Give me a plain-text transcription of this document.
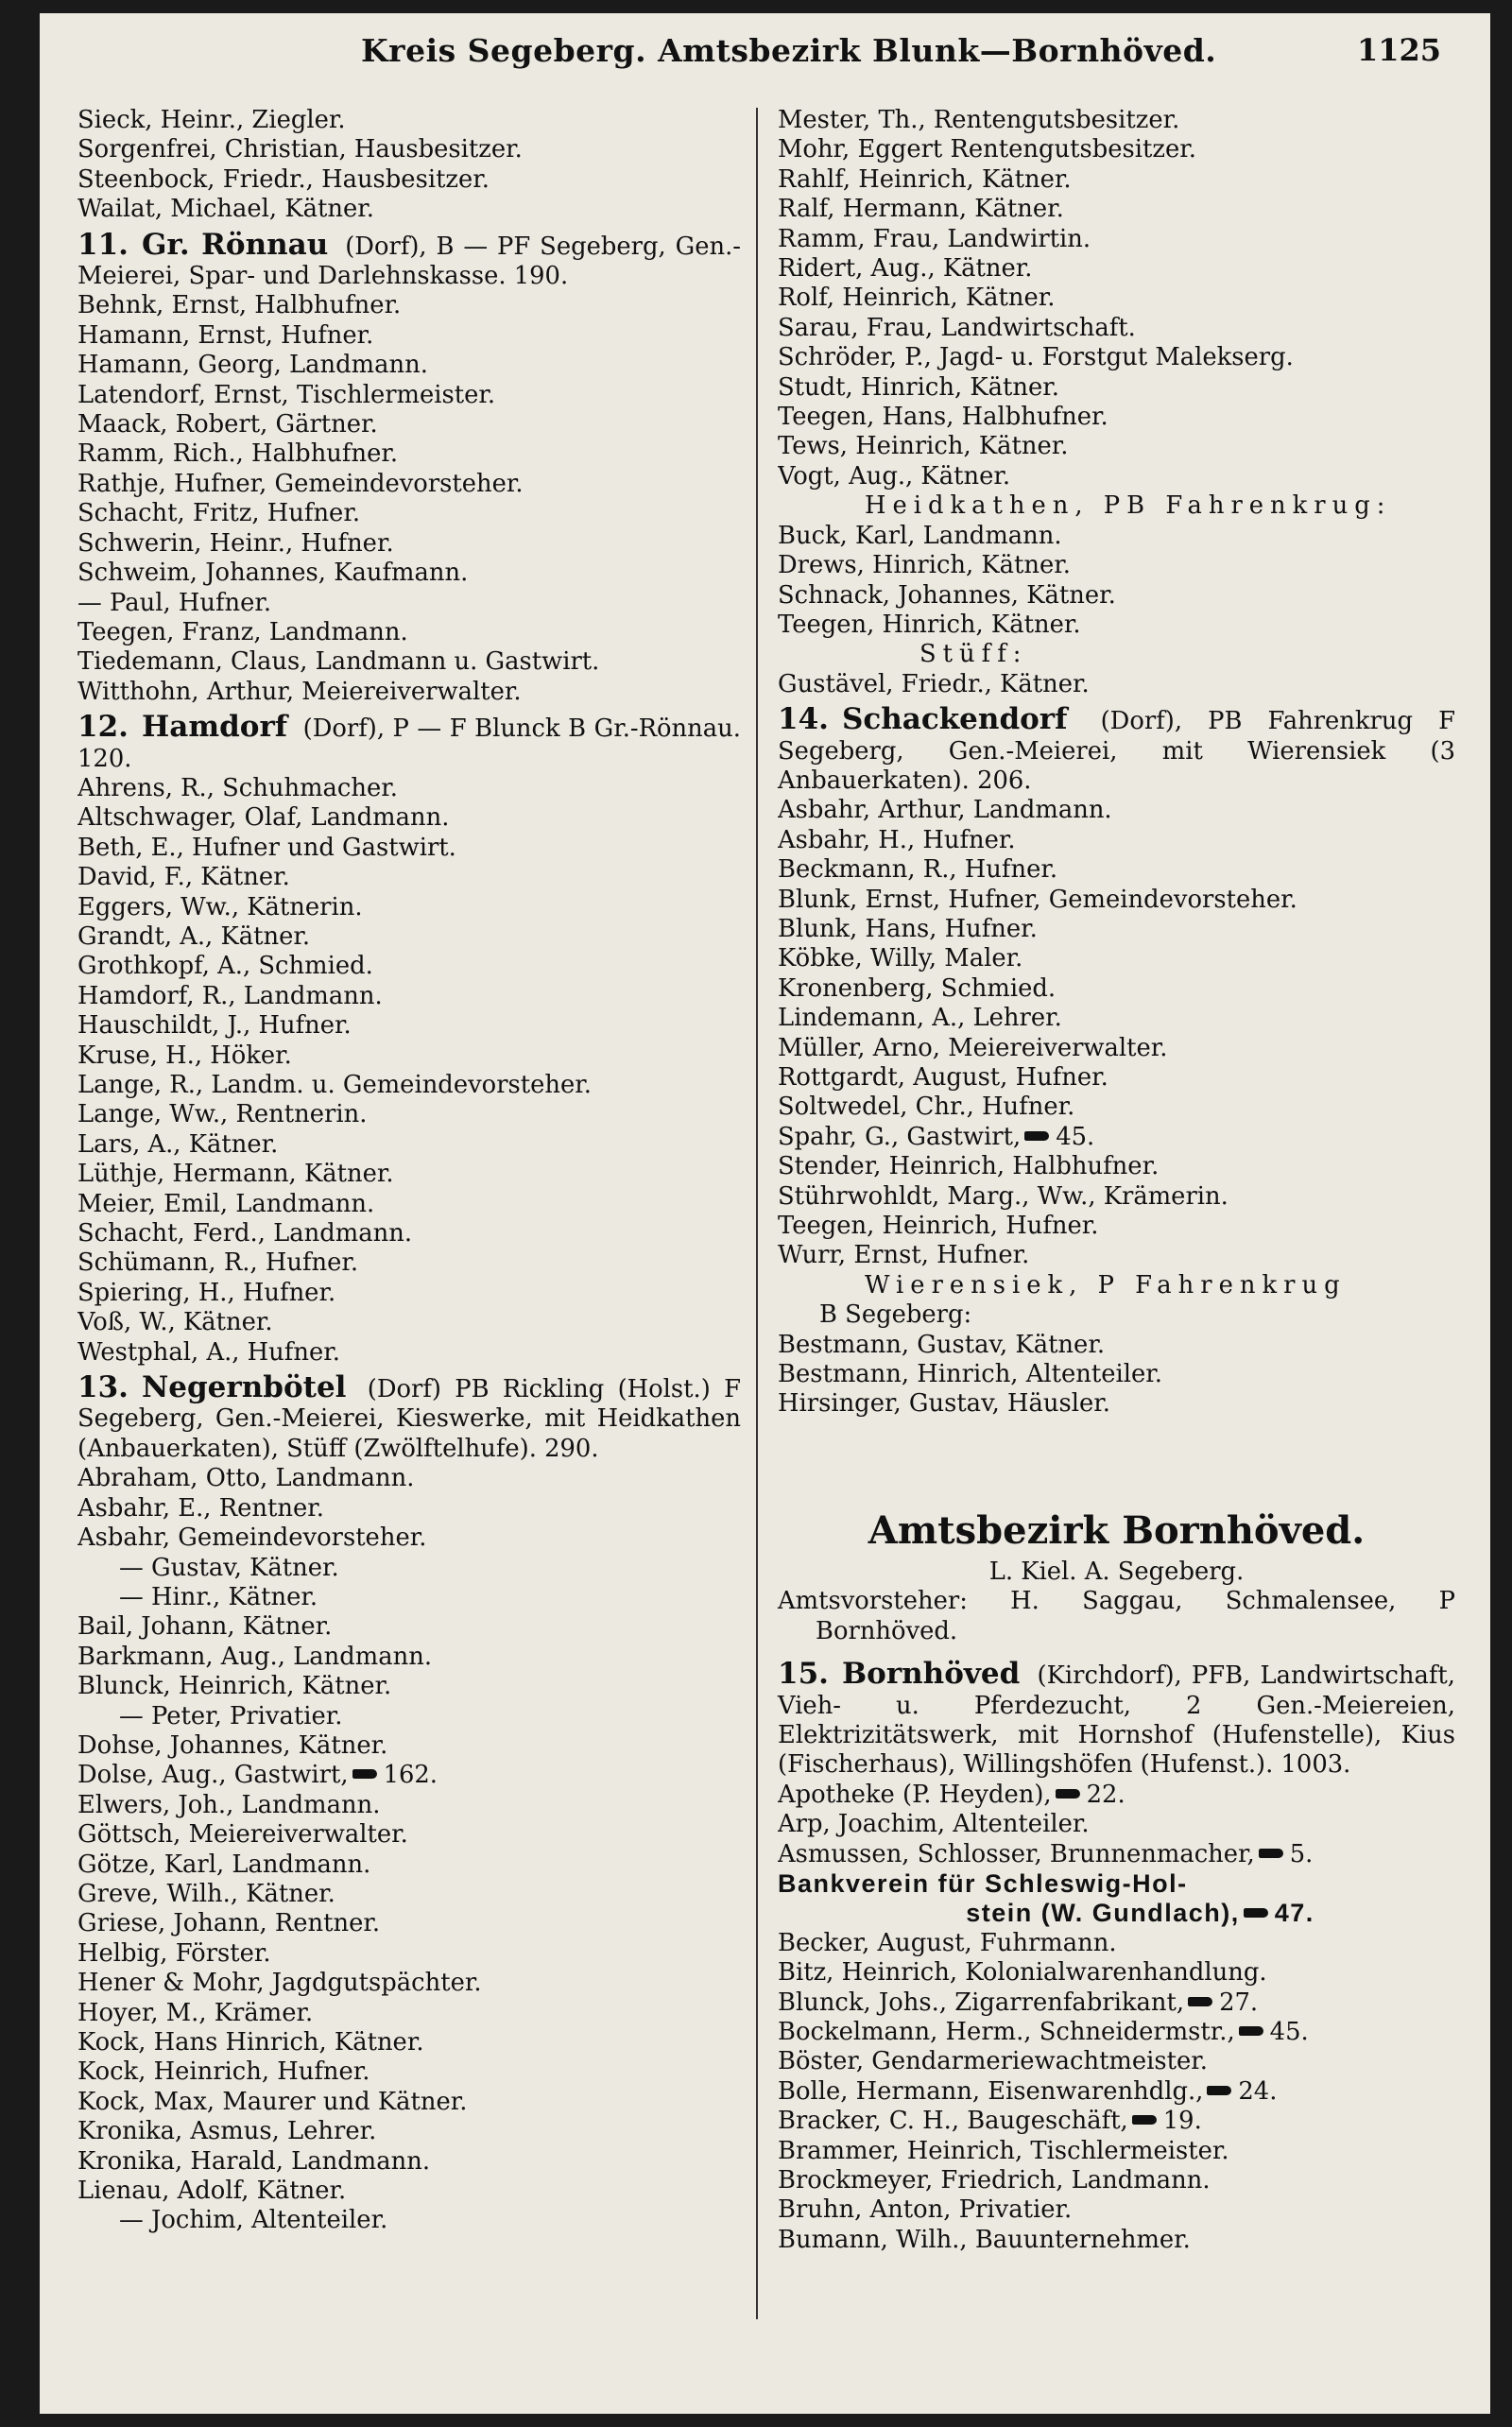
Kreis Segeberg. Amtsbezirk Blunk—Bornhöved.	1125
Sieck, Heinr., Ziegler.
Sorgenfrei, Christian, Hausbesitzer.
Steenbock, Friedr., Hausbesitzer.
Wailat, Michael, Kätner.
11. Gr. Rönnau (Dorf), B — PF Segeberg, Gen.-Meierei, Spar- und Darlehnskasse. 190.
Behnk, Ernst, Halbhufner.
Hamann, Ernst, Hufner.
Hamann, Georg, Landmann.
Latendorf, Ernst, Tischlermeister.
Maack, Robert, Gärtner.
Ramm, Rich., Halbhufner.
Rathje, Hufner, Gemeindevorsteher.
Schacht, Fritz, Hufner.
Schwerin, Heinr., Hufner.
Schweim, Johannes, Kaufmann.
— Paul, Hufner.
Teegen, Franz, Landmann.
Tiedemann, Claus, Landmann u. Gastwirt.
Witthohn, Arthur, Meiereiverwalter.
12. Hamdorf (Dorf), P — F Blunck B Gr.-Rönnau. 120.
Ahrens, R., Schuhmacher.
Altschwager, Olaf, Landmann.
Beth, E., Hufner und Gastwirt.
David, F., Kätner.
Eggers, Ww., Kätnerin.
Grandt, A., Kätner.
Grothkopf, A., Schmied.
Hamdorf, R., Landmann.
Hauschildt, J., Hufner.
Kruse, H., Höker.
Lange, R., Landm. u. Gemeindevorsteher.
Lange, Ww., Rentnerin.
Lars, A., Kätner.
Lüthje, Hermann, Kätner.
Meier, Emil, Landmann.
Schacht, Ferd., Landmann.
Schümann, R., Hufner.
Spiering, H., Hufner.
Voß, W., Kätner.
Westphal, A., Hufner.
13. Negernbötel (Dorf) PB Rickling (Holst.) F Segeberg, Gen.-Meierei, Kieswerke, mit Heidkathen (Anbauerkaten), Stüff (Zwölftelhufe). 290.
Abraham, Otto, Landmann.
Asbahr, E., Rentner.
Asbahr, Gemeindevorsteher.
— Gustav, Kätner.
— Hinr., Kätner.
Bail, Johann, Kätner.
Barkmann, Aug., Landmann.
Blunck, Heinrich, Kätner.
— Peter, Privatier.
Dohse, Johannes, Kätner.
Dolse, Aug., Gastwirt, 162.
Elwers, Joh., Landmann.
Göttsch, Meiereiverwalter.
Götze, Karl, Landmann.
Greve, Wilh., Kätner.
Griese, Johann, Rentner.
Helbig, Förster.
Hener & Mohr, Jagdgutspächter.
Hoyer, M., Krämer.
Kock, Hans Hinrich, Kätner.
Kock, Heinrich, Hufner.
Kock, Max, Maurer und Kätner.
Kronika, Asmus, Lehrer.
Kronika, Harald, Landmann.
Lienau, Adolf, Kätner.
— Jochim, Altenteiler.
Mester, Th., Rentengutsbesitzer.
Mohr, Eggert Rentengutsbesitzer.
Rahlf, Heinrich, Kätner.
Ralf, Hermann, Kätner.
Ramm, Frau, Landwirtin.
Ridert, Aug., Kätner.
Rolf, Heinrich, Kätner.
Sarau, Frau, Landwirtschaft.
Schröder, P., Jagd- u. Forstgut Malekserg.
Studt, Hinrich, Kätner.
Teegen, Hans, Halbhufner.
Tews, Heinrich, Kätner.
Vogt, Aug., Kätner.
Heidkathen, PB Fahrenkrug:
Buck, Karl, Landmann.
Drews, Hinrich, Kätner.
Schnack, Johannes, Kätner.
Teegen, Hinrich, Kätner.
Stüff:
Gustävel, Friedr., Kätner.
14. Schackendorf (Dorf), PB Fahrenkrug F Segeberg, Gen.-Meierei, mit Wierensiek (3 Anbauerkaten). 206.
Asbahr, Arthur, Landmann.
Asbahr, H., Hufner.
Beckmann, R., Hufner.
Blunk, Ernst, Hufner, Gemeindevorsteher.
Blunk, Hans, Hufner.
Köbke, Willy, Maler.
Kronenberg, Schmied.
Lindemann, A., Lehrer.
Müller, Arno, Meiereiverwalter.
Rottgardt, August, Hufner.
Soltwedel, Chr., Hufner.
Spahr, G., Gastwirt, 45.
Stender, Heinrich, Halbhufner.
Stührwohldt, Marg., Ww., Krämerin.
Teegen, Heinrich, Hufner.
Wurr, Ernst, Hufner.
Wierensiek, P Fahrenkrug
B Segeberg:
Bestmann, Gustav, Kätner.
Bestmann, Hinrich, Altenteiler.
Hirsinger, Gustav, Häusler.
Amtsbezirk Bornhöved.
L. Kiel. A. Segeberg.
Amtsvorsteher: H. Saggau, Schmalensee, P Bornhöved.
15. Bornhöved (Kirchdorf), PFB, Landwirtschaft, Vieh- u. Pferdezucht, 2 Gen.-Meiereien, Elektrizitätswerk, mit Hornshof (Hufenstelle), Kius (Fischerhaus), Willingshöfen (Hufenst.). 1003.
Apotheke (P. Heyden), 22.
Arp, Joachim, Altenteiler.
Asmussen, Schlosser, Brunnenmacher, 5.
Bankverein für Schleswig-Hol-
stein (W. Gundlach), 47.
Becker, August, Fuhrmann.
Bitz, Heinrich, Kolonialwarenhandlung.
Blunck, Johs., Zigarrenfabrikant, 27.
Bockelmann, Herm., Schneidermstr., 45.
Böster, Gendarmeriewachtmeister.
Bolle, Hermann, Eisenwarenhdlg., 24.
Bracker, C. H., Baugeschäft, 19.
Brammer, Heinrich, Tischlermeister.
Brockmeyer, Friedrich, Landmann.
Bruhn, Anton, Privatier.
Bumann, Wilh., Bauunternehmer.
